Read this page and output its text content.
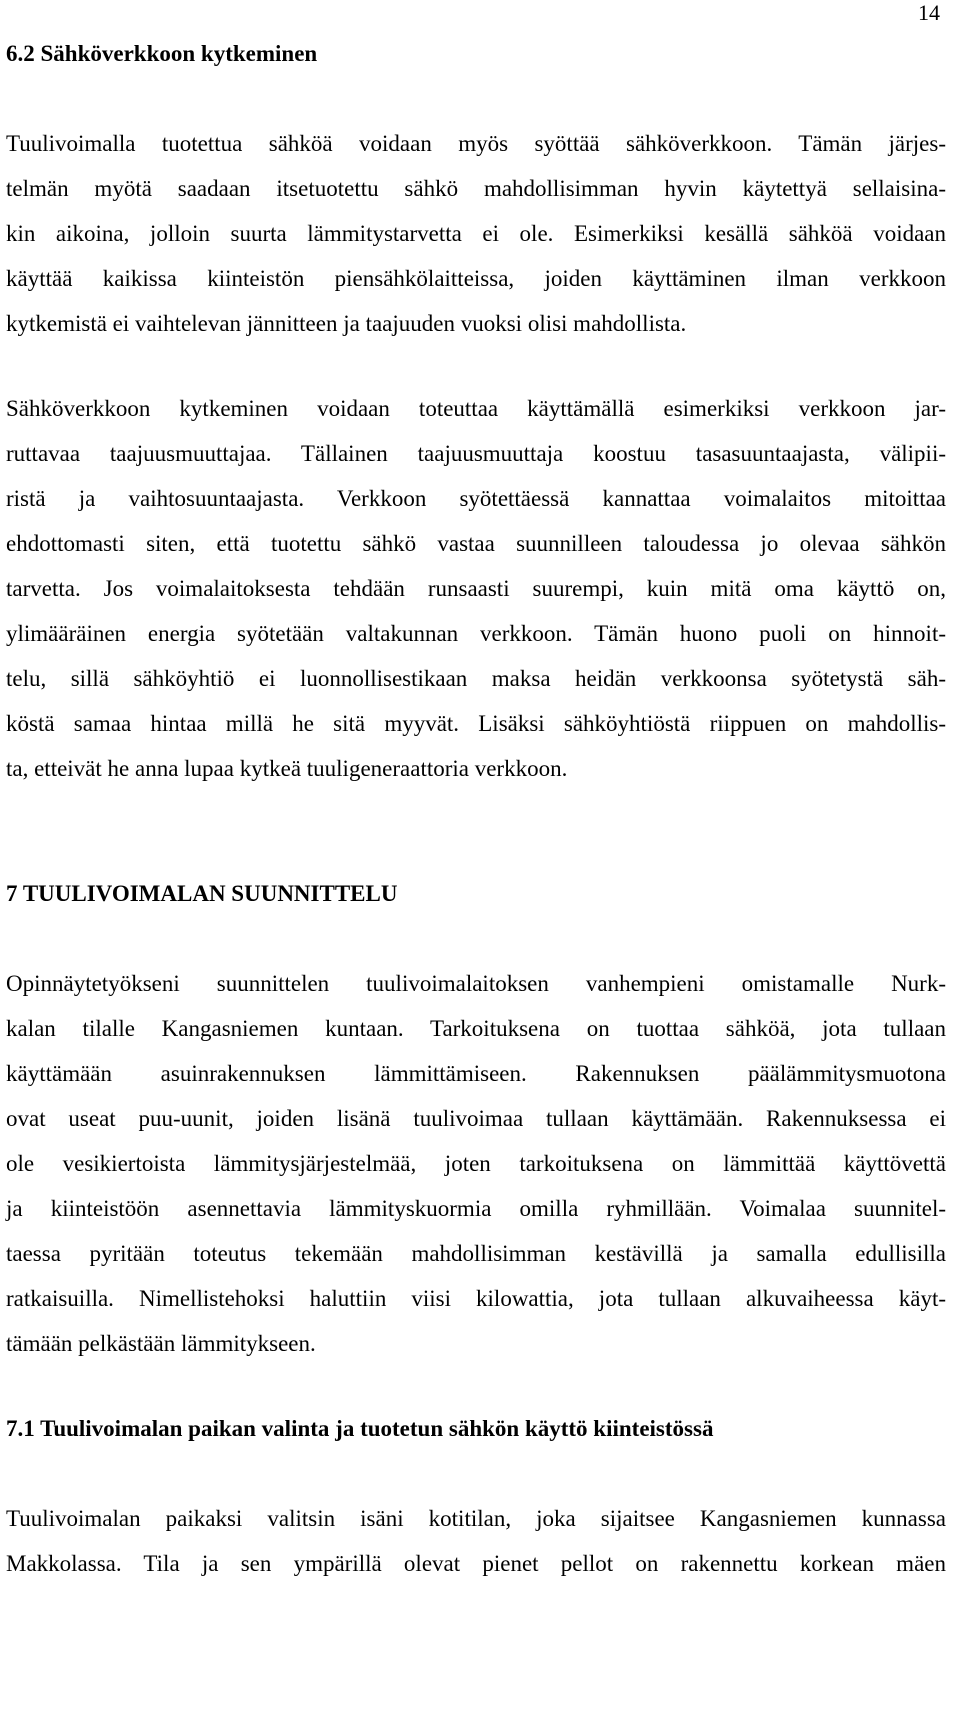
14
6.2 Sähköverkkoon kytkeminen
Tuulivoimalla tuotettua sähköä voidaan myös syöttää sähköverkkoon. Tämän järjes-
telmän myötä saadaan itsetuotettu sähkö mahdollisimman hyvin käytettyä sellaisina-
kin aikoina, jolloin suurta lämmitystarvetta ei ole. Esimerkiksi kesällä sähköä voidaan
käyttää kaikissa kiinteistön piensähkölaitteissa, joiden käyttäminen ilman verkkoon
kytkemistä ei vaihtelevan jännitteen ja taajuuden vuoksi olisi mahdollista.
Sähköverkkoon kytkeminen voidaan toteuttaa käyttämällä esimerkiksi verkkoon jar-
ruttavaa taajuusmuuttajaa. Tällainen taajuusmuuttaja koostuu tasasuuntaajasta, välipii-
ristä ja vaihtosuuntaajasta. Verkkoon syötettäessä kannattaa voimalaitos mitoittaa
ehdottomasti siten, että tuotettu sähkö vastaa suunnilleen taloudessa jo olevaa sähkön
tarvetta. Jos voimalaitoksesta tehdään runsaasti suurempi, kuin mitä oma käyttö on,
ylimääräinen energia syötetään valtakunnan verkkoon. Tämän huono puoli on hinnoit-
telu, sillä sähköyhtiö ei luonnollisestikaan maksa heidän verkkoonsa syötetystä säh-
köstä samaa hintaa millä he sitä myyvät. Lisäksi sähköyhtiöstä riippuen on mahdollis-
ta, etteivät he anna lupaa kytkeä tuuligeneraattoria verkkoon.
7 TUULIVOIMALAN SUUNNITTELU
Opinnäytetyökseni suunnittelen tuulivoimalaitoksen vanhempieni omistamalle Nurk-
kalan tilalle Kangasniemen kuntaan. Tarkoituksena on tuottaa sähköä, jota tullaan
käyttämään asuinrakennuksen lämmittämiseen. Rakennuksen päälämmitysmuotona
ovat useat puu-uunit, joiden lisänä tuulivoimaa tullaan käyttämään. Rakennuksessa ei
ole vesikiertoista lämmitysjärjestelmää, joten tarkoituksena on lämmittää käyttövettä
ja kiinteistöön asennettavia lämmityskuormia omilla ryhmillään. Voimalaa suunnitel-
taessa pyritään toteutus tekemään mahdollisimman kestävillä ja samalla edullisilla
ratkaisuilla. Nimellistehoksi haluttiin viisi kilowattia, jota tullaan alkuvaiheessa käyt-
tämään pelkästään lämmitykseen.
7.1 Tuulivoimalan paikan valinta ja tuotetun sähkön käyttö kiinteistössä
Tuulivoimalan paikaksi valitsin isäni kotitilan, joka sijaitsee Kangasniemen kunnassa
Makkolassa. Tila ja sen ympärillä olevat pienet pellot on rakennettu korkean mäen
